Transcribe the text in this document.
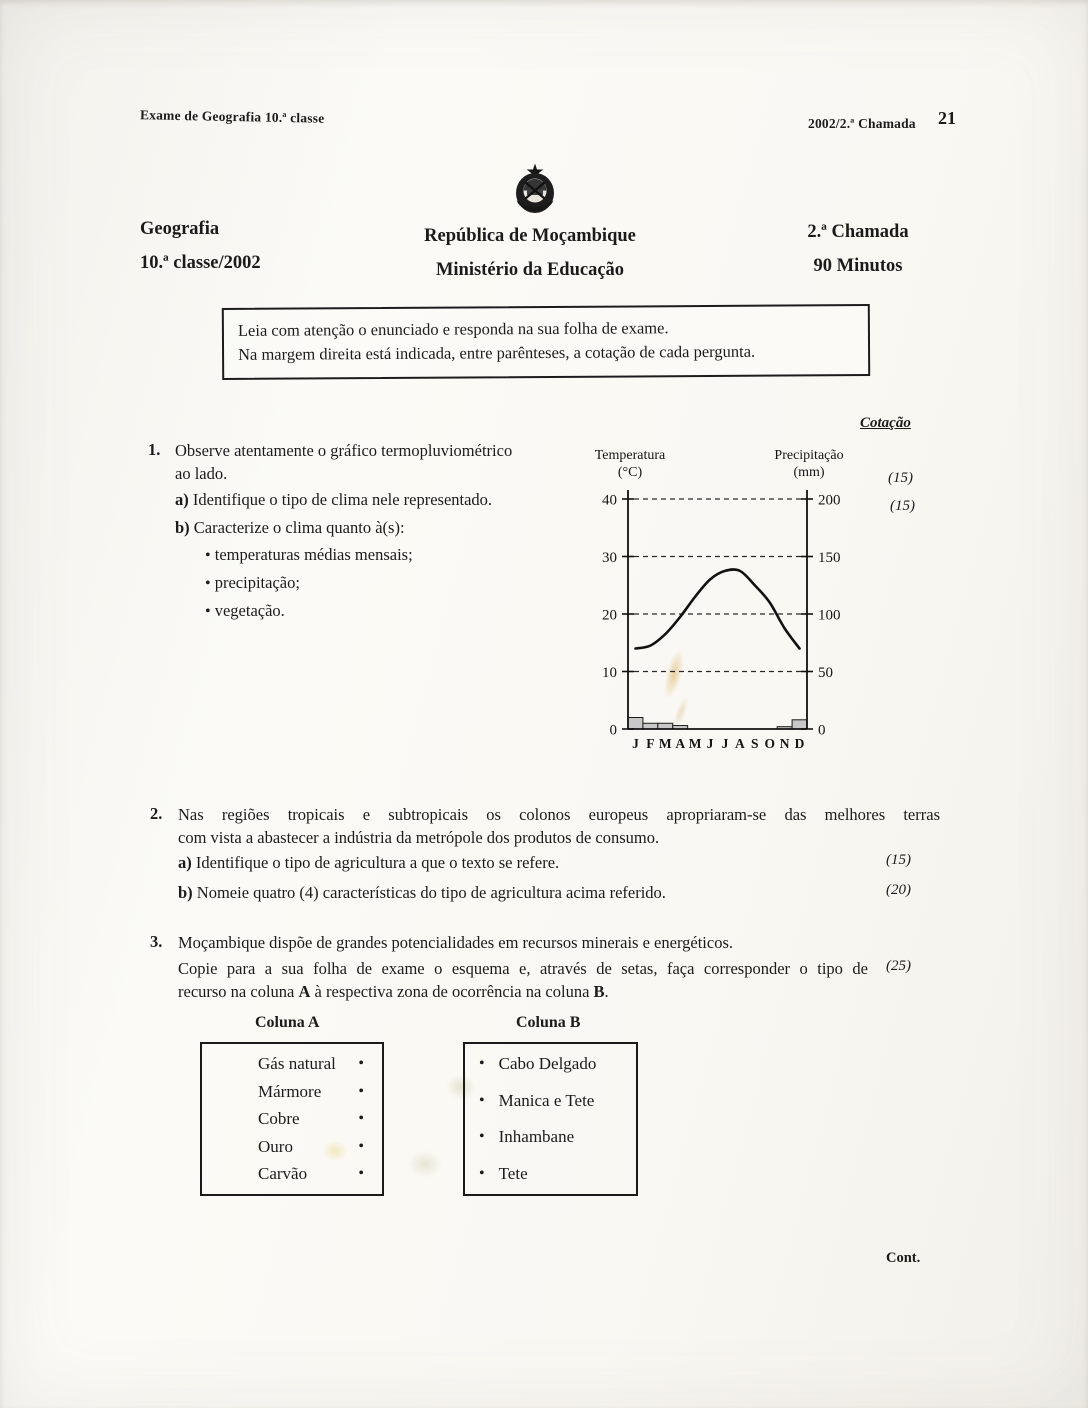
Exame de Geografia 10.ª classe	2002/2.ª Chamada 21
Geografia
10.ª classe/2002
República de Moçambique
Ministério da Educação
2.ª Chamada
90 Minutos
Leia com atenção o enunciado e responda na sua folha de exame.
Na margem direita está indicada, entre parênteses, a cotação de cada pergunta.
Cotação
1. Observe atentamente o gráfico termopluviométrico
ao lado.
a) Identifique o tipo de clima nele representado.
b) Caracterize o clima quanto à(s):
• temperaturas médias mensais;
• precipitação;
• vegetação.
(15)
(15)
0
10
20
30
40
0
50
100
150
200
Temperatura
(°C)
Precipitação
(mm)
J F M A M J J A S O N D
2. Nas regiões tropicais e subtropicais os colonos europeus apropriaram-se das melhores terras
com vista a abastecer a indústria da metrópole dos produtos de consumo.
a) Identifique o tipo de agricultura a que o texto se refere.	(15)
b) Nomeie quatro (4) características do tipo de agricultura acima referido.	(20)
3. Moçambique dispõe de grandes potencialidades em recursos minerais e energéticos.
Copie para a sua folha de exame o esquema e, através de setas, faça corresponder o tipo de
recurso na coluna A à respectiva zona de ocorrência na coluna B.
(25)
Coluna A	Coluna B
Gás natural •
Mármore •
Cobre	•
Ouro	•
Carvão	•
• Cabo Delgado
• Manica e Tete
• Inhambane
• Tete
Cont.
